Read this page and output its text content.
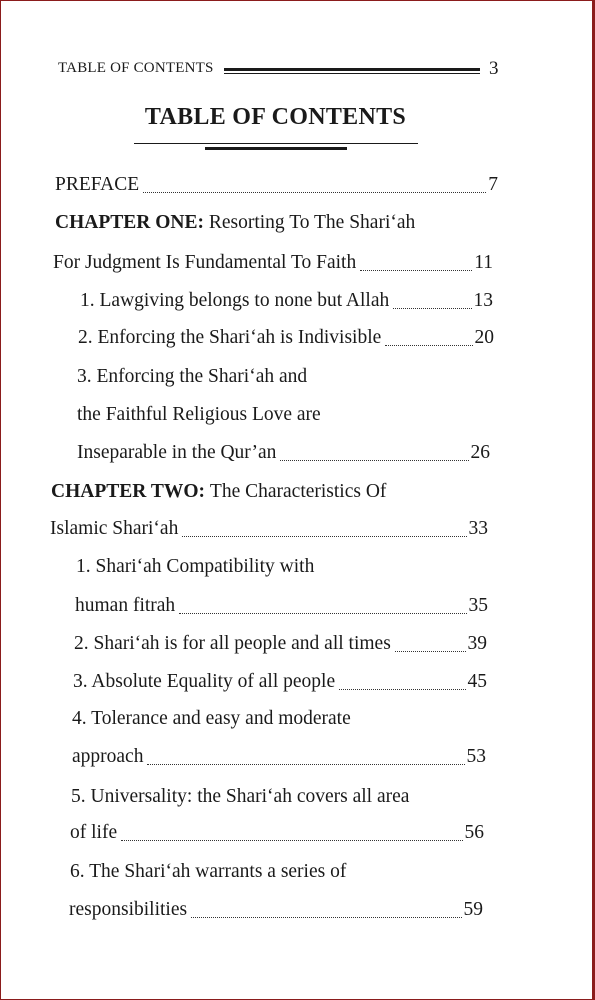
TABLE OF CONTENTS	3
TABLE OF CONTENTS
PREFACE	7
CHAPTER ONE:
Resorting To The Shari‘ah
For Judgment Is Fundamental To Faith	11
1. Lawgiving belongs to none but Allah	13
2. Enforcing the Shari‘ah is Indivisible	20
3. Enforcing the Shari‘ah and
the Faithful Religious Love are
Inseparable in the Qur’an	26
CHAPTER TWO:
The Characteristics Of
Islamic Shari‘ah	33
1. Shari‘ah Compatibility with
human fitrah	35
2. Shari‘ah is for all people and all times	39
3. Absolute Equality of all people	45
4. Tolerance and easy and moderate
approach	53
5. Universality: the Shari‘ah covers all area
of life	56
6. The Shari‘ah warrants a series of
responsibilities	59
